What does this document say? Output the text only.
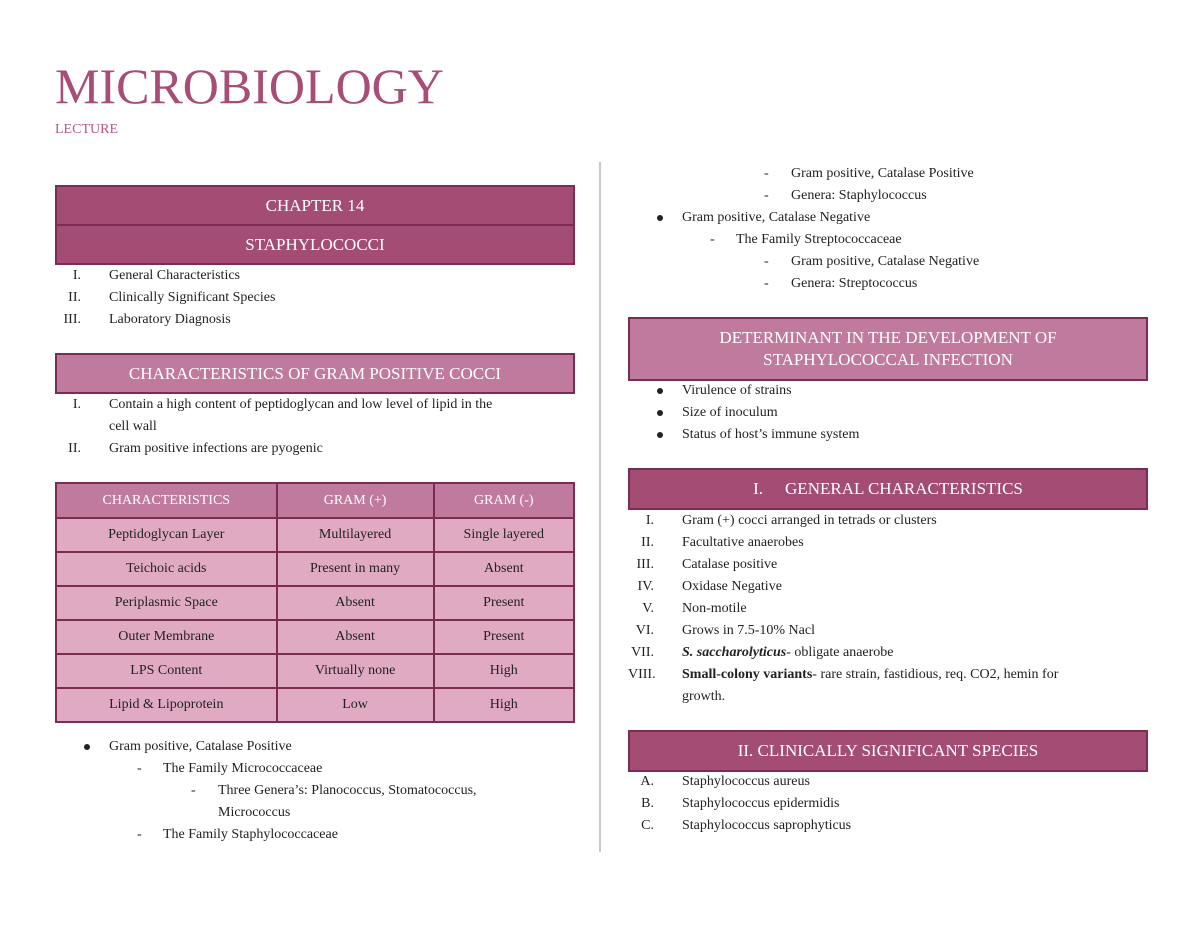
MICROBIOLOGY
LECTURE
CHAPTER 14
STAPHYLOCOCCI
I. General Characteristics
II. Clinically Significant Species
III. Laboratory Diagnosis
CHARACTERISTICS OF GRAM POSITIVE COCCI
I. Contain a high content of peptidoglycan and low level of lipid in the
cell wall
II. Gram positive infections are pyogenic
CHARACTERISTICS	GRAM (+)	GRAM (-)
Peptidoglycan Layer	Multilayered	Single layered
Teichoic acids	Present in many	Absent
Periplasmic Space	Absent	Present
Outer Membrane	Absent	Present
LPS Content	Virtually none	High
Lipid & Lipoprotein	Low	High
Gram positive, Catalase Positive
- The Family Micrococcaceae
- Three Genera’s: Planococcus, Stomatococcus,
Micrococcus
- The Family Staphylococcaceae
- Gram positive, Catalase Positive
- Genera: Staphylococcus
Gram positive, Catalase Negative
- The Family Streptococcaceae
- Gram positive, Catalase Negative
- Genera: Streptococcus
DETERMINANT IN THE DEVELOPMENT OF
STAPHYLOCOCCAL INFECTION
Virulence of strains
Size of inoculum
Status of host’s immune system
I. GENERAL CHARACTERISTICS
I. Gram (+) cocci arranged in tetrads or clusters
II. Facultative anaerobes
III. Catalase positive
IV. Oxidase Negative
V. Non-motile
VI. Grows in 7.5-10% Nacl
VII. S. saccharolyticus- obligate anaerobe
VIII. Small-colony variants- rare strain, fastidious, req. CO2, hemin for
growth.
II. CLINICALLY SIGNIFICANT SPECIES
A. Staphylococcus aureus
B. Staphylococcus epidermidis
C. Staphylococcus saprophyticus
